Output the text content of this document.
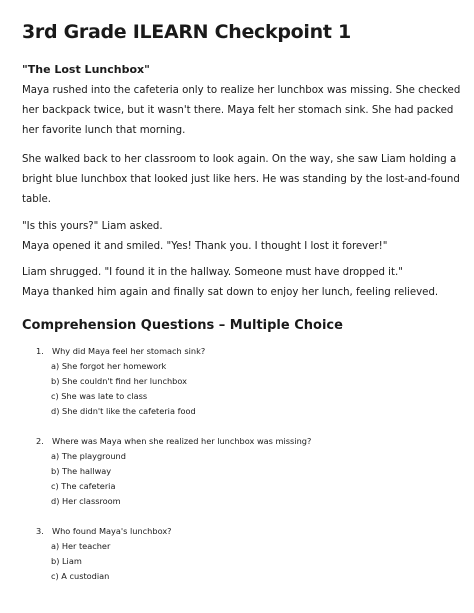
3rd Grade ILEARN Checkpoint 1
"The Lost Lunchbox"
Maya rushed into the cafeteria only to realize her lunchbox was missing. She checked
her backpack twice, but it wasn't there. Maya felt her stomach sink. She had packed
her favorite lunch that morning.
She walked back to her classroom to look again. On the way, she saw Liam holding a
bright blue lunchbox that looked just like hers. He was standing by the lost-and-found
table.
"Is this yours?" Liam asked.
Maya opened it and smiled. "Yes! Thank you. I thought I lost it forever!"
Liam shrugged. "I found it in the hallway. Someone must have dropped it."
Maya thanked him again and finally sat down to enjoy her lunch, feeling relieved.
Comprehension Questions – Multiple Choice
1. Why did Maya feel her stomach sink?
a) She forgot her homework
b) She couldn't find her lunchbox
c) She was late to class
d) She didn't like the cafeteria food
2. Where was Maya when she realized her lunchbox was missing?
a) The playground
b) The hallway
c) The cafeteria
d) Her classroom
3. Who found Maya's lunchbox?
a) Her teacher
b) Liam
c) A custodian
